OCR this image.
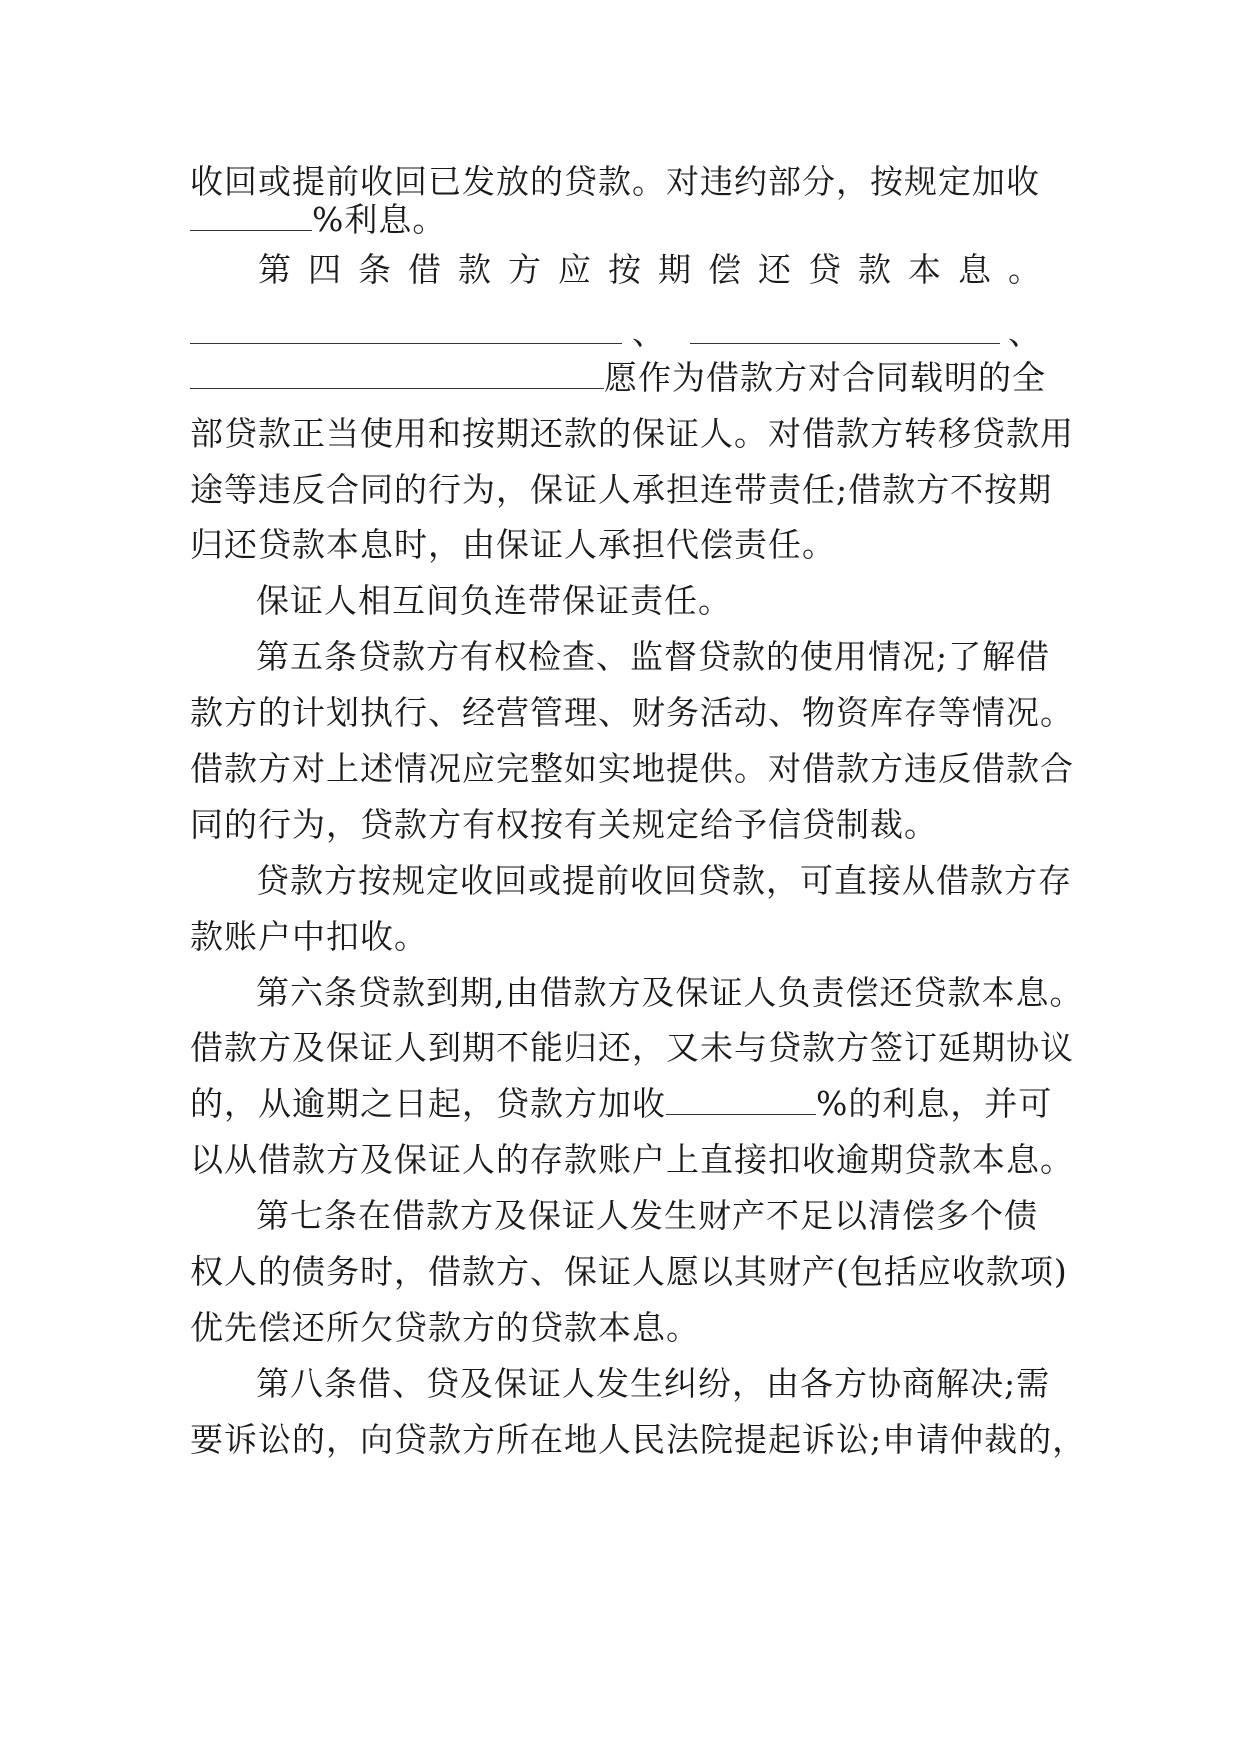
收回或提前收回已发放的贷款。对违约部分，按规定加收
%利息。
第四条借款方应按期偿还贷款本息。
、	、
愿作为借款方对合同载明的全
部贷款正当使用和按期还款的保证人。对借款方转移贷款用
途等违反合同的行为，保证人承担连带责任;借款方不按期
归还贷款本息时，由保证人承担代偿责任。
保证人相互间负连带保证责任。
第五条贷款方有权检查、监督贷款的使用情况;了解借
款方的计划执行、经营管理、财务活动、物资库存等情况。
借款方对上述情况应完整如实地提供。对借款方违反借款合
同的行为，贷款方有权按有关规定给予信贷制裁。
贷款方按规定收回或提前收回贷款，可直接从借款方存
款账户中扣收。
第六条贷款到期,由借款方及保证人负责偿还贷款本息。
借款方及保证人到期不能归还，又未与贷款方签订延期协议
的，从逾期之日起，贷款方加收	%的利息，并可
以从借款方及保证人的存款账户上直接扣收逾期贷款本息。
第七条在借款方及保证人发生财产不足以清偿多个债
权人的债务时，借款方、保证人愿以其财产(包括应收款项)
优先偿还所欠贷款方的贷款本息。
第八条借、贷及保证人发生纠纷，由各方协商解决;需
要诉讼的，向贷款方所在地人民法院提起诉讼;申请仲裁的，
